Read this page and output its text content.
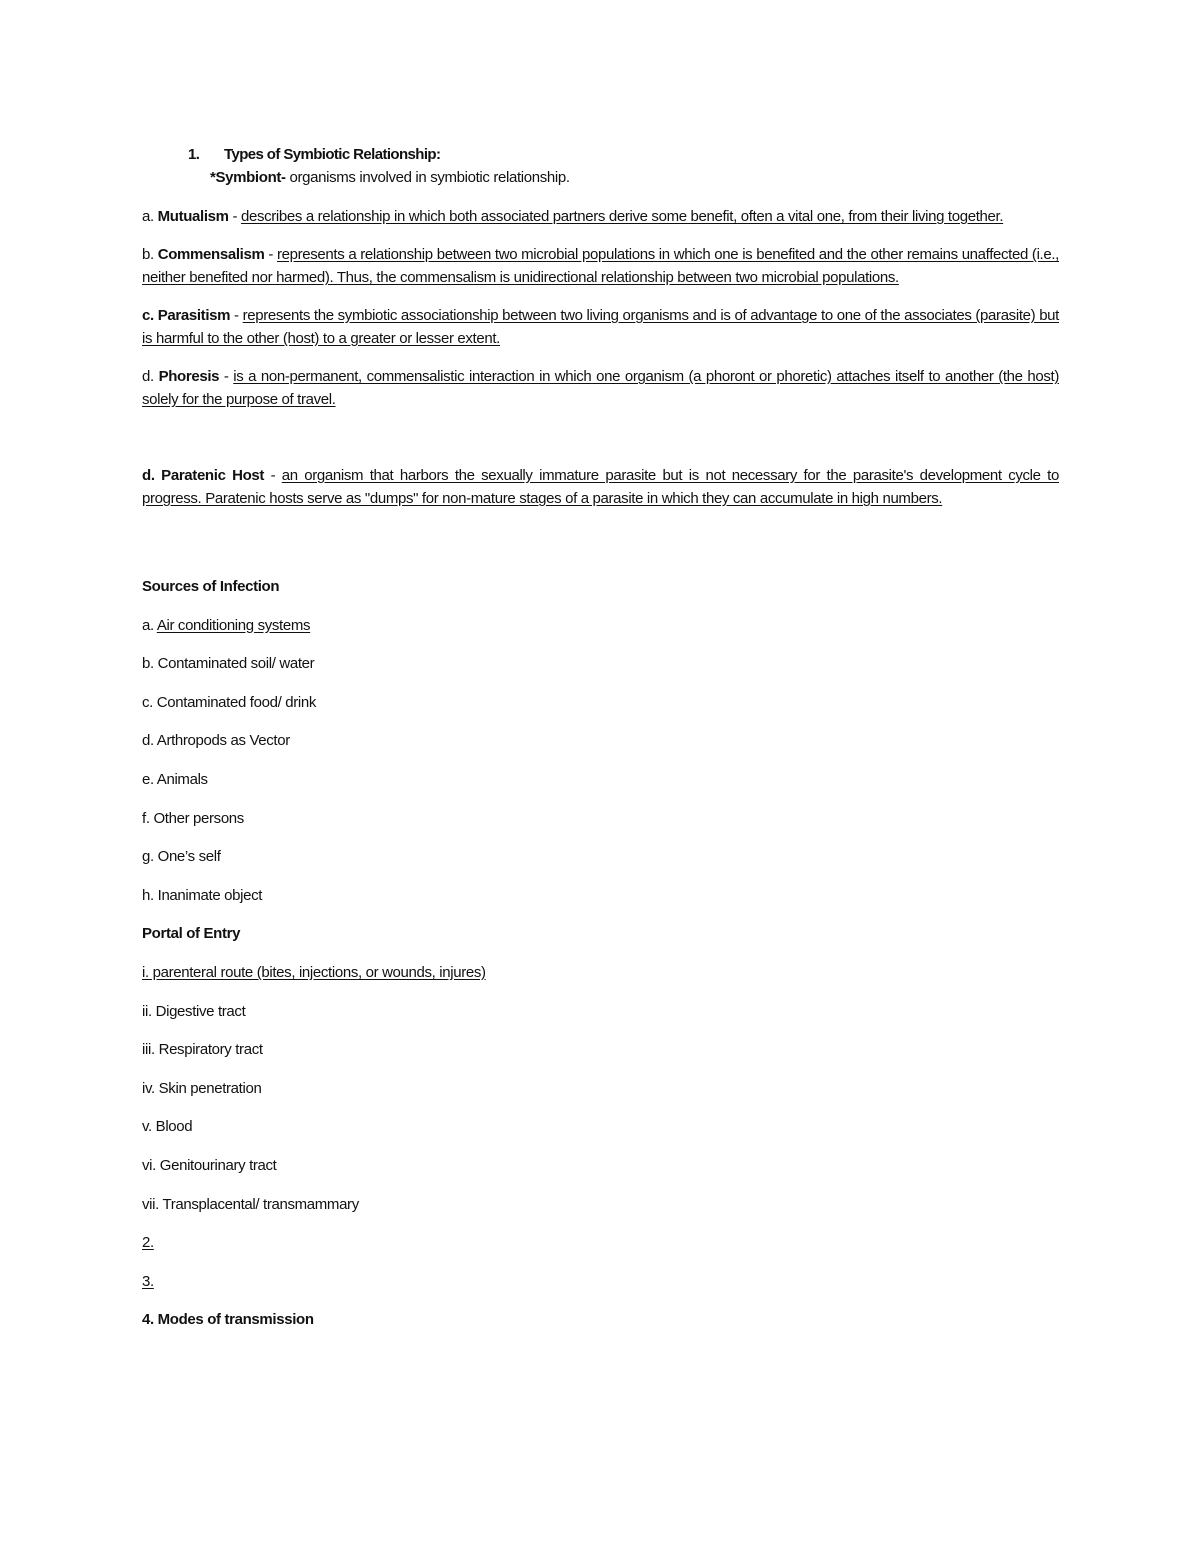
1.	Types of Symbiotic Relationship:
*Symbiont- organisms involved in symbiotic relationship.

a. Mutualism - describes a relationship in which both associated partners derive some benefit, often a vital one, from their living together.

b. Commensalism - represents a relationship between two microbial populations in which one is benefited and the other remains unaffected (i.e., neither benefited nor harmed). Thus, the commensalism is unidirectional relationship between two microbial populations.

c. Parasitism - represents the symbiotic associationship between two living organisms and is of advantage to one of the associates (parasite) but is harmful to the other (host) to a greater or lesser extent.

d. Phoresis - is a non-permanent, commensalistic interaction in which one organism (a phoront or phoretic) attaches itself to another (the host) solely for the purpose of travel.

d. Paratenic Host - an organism that harbors the sexually immature parasite but is not necessary for the parasite's development cycle to progress. Paratenic hosts serve as "dumps" for non-mature stages of a parasite in which they can accumulate in high numbers.

Sources of Infection
a. Air conditioning systems
b. Contaminated soil/ water
c. Contaminated food/ drink
d. Arthropods as Vector
e. Animals
f. Other persons
g. One’s self
h. Inanimate object
Portal of Entry
i. parenteral route (bites, injections, or wounds, injures)
ii. Digestive tract
iii. Respiratory tract
iv. Skin penetration
v. Blood
vi. Genitourinary tract
vii. Transplacental/ transmammary
2.
3.
4. Modes of transmission
